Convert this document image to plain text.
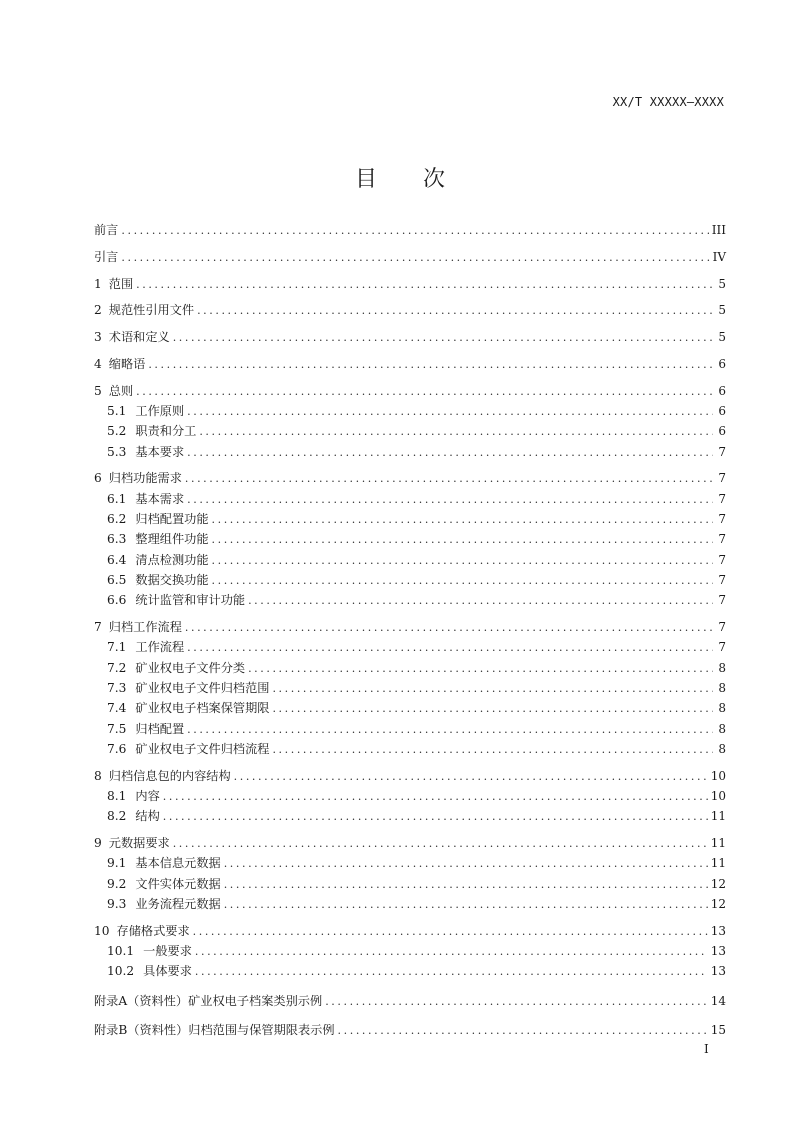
XX/T XXXXX—XXXX
目次
前言 .....	III
引言 .....	IV
1 范围 .....	5
2 规范性引用文件 .....	5
3 术语和定义 .....	5
4 缩略语 .....	6
5 总则 .....	6
5.1 工作原则 .....	6
5.2 职责和分工 .....	6
5.3 基本要求 .....	7
6 归档功能需求 .....	7
6.1 基本需求 .....	7
6.2 归档配置功能 .....	7
6.3 整理组件功能 .....	7
6.4 清点检测功能 .....	7
6.5 数据交换功能 .....	7
6.6 统计监管和审计功能 .....	7
7 归档工作流程 .....	7
7.1 工作流程 .....	7
7.2 矿业权电子文件分类 .....	8
7.3 矿业权电子文件归档范围 .....	8
7.4 矿业权电子档案保管期限 .....	8
7.5 归档配置 .....	8
7.6 矿业权电子文件归档流程 .....	8
8 归档信息包的内容结构 .....	10
8.1 内容 .....	10
8.2 结构 .....	11
9 元数据要求 .....	11
9.1 基本信息元数据 .....	11
9.2 文件实体元数据 .....	12
9.3 业务流程元数据 .....	12
10 存储格式要求 .....	13
10.1 一般要求 .....	13
10.2 具体要求 .....	13
附录A（资料性）矿业权电子档案类别示例 .....	14
附录B（资料性）归档范围与保管期限表示例 .....	15
I
